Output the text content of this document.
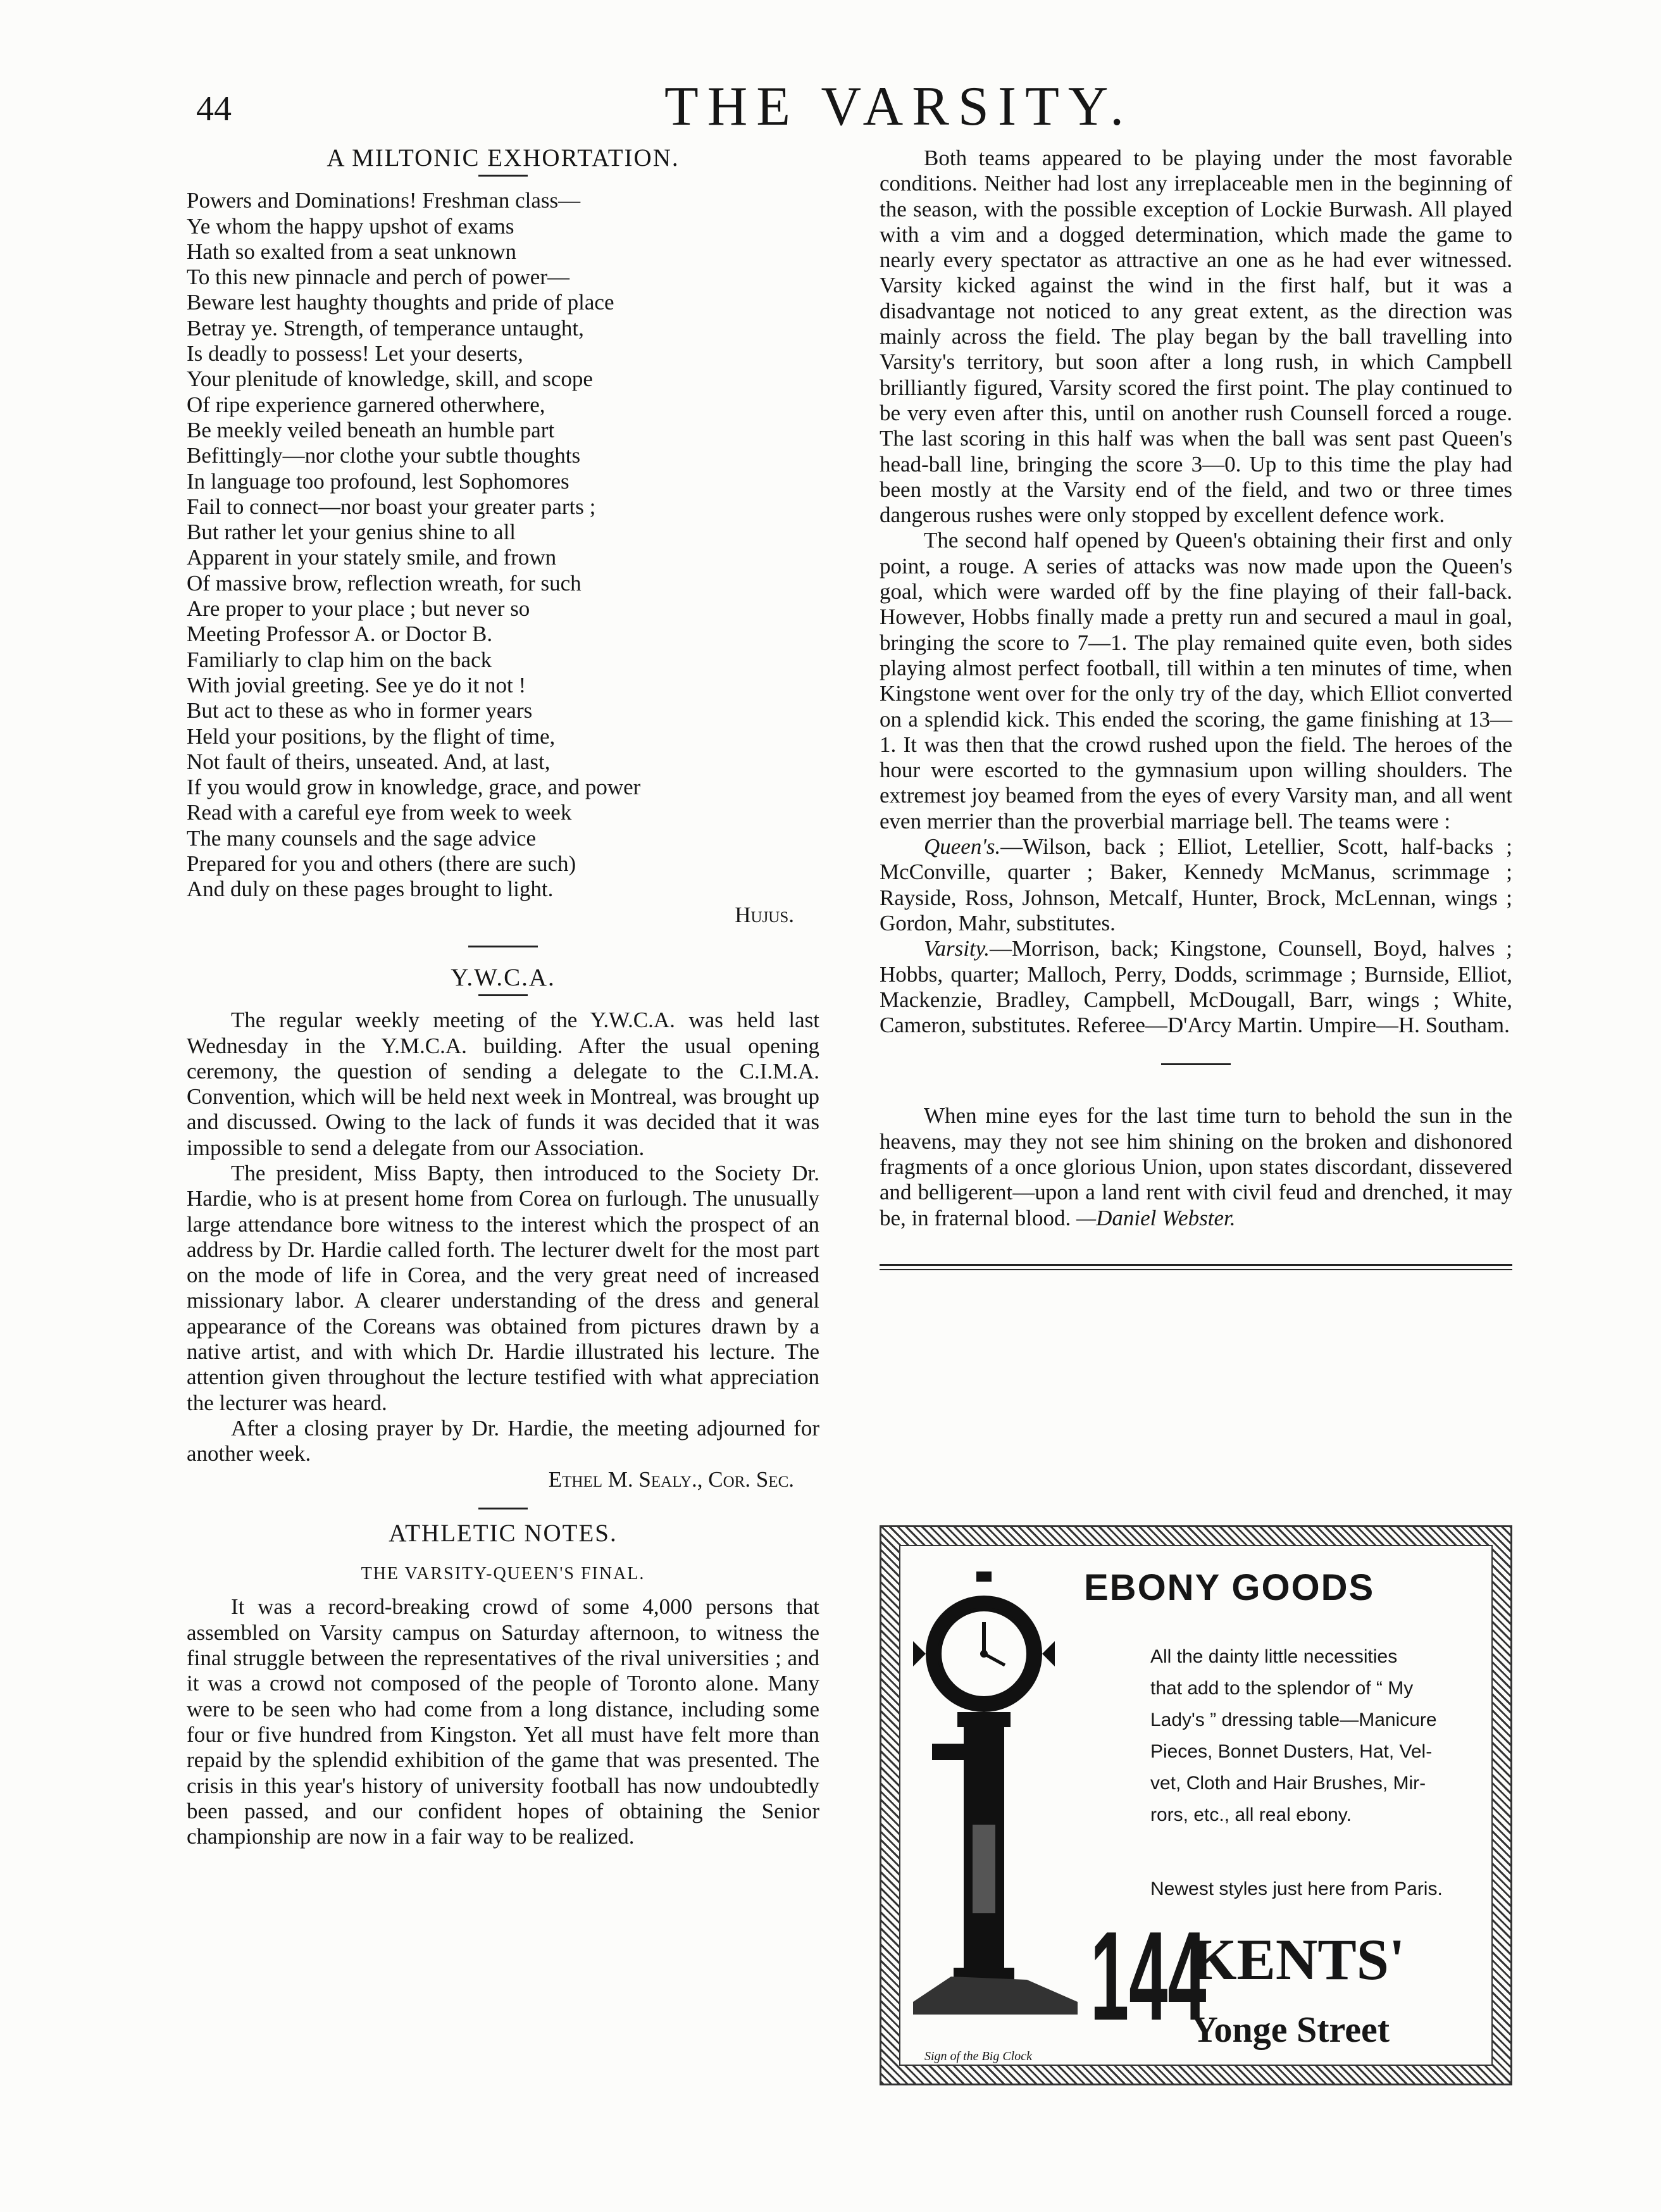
44	THE VARSITY.
A MILTONIC EXHORTATION.
Powers and Dominations! Freshman class—
Ye whom the happy upshot of exams
Hath so exalted from a seat unknown
To this new pinnacle and perch of power—
Beware lest haughty thoughts and pride of place
Betray ye. Strength, of temperance untaught,
Is deadly to possess! Let your deserts,
Your plenitude of knowledge, skill, and scope
Of ripe experience garnered otherwhere,
Be meekly veiled beneath an humble part
Befittingly—nor clothe your subtle thoughts
In language too profound, lest Sophomores
Fail to connect—nor boast your greater parts ;
But rather let your genius shine to all
Apparent in your stately smile, and frown
Of massive brow, reflection wreath, for such
Are proper to your place ; but never so
Meeting Professor A. or Doctor B.
Familiarly to clap him on the back
With jovial greeting. See ye do it not !
But act to these as who in former years
Held your positions, by the flight of time,
Not fault of theirs, unseated. And, at last,
If you would grow in knowledge, grace, and power
Read with a careful eye from week to week
The many counsels and the sage advice
Prepared for you and others (there are such)
And duly on these pages brought to light.
Hujus.
Y.W.C.A.

The regular weekly meeting of the Y.W.C.A. was held last Wednesday in the Y.M.C.A. building. After the usual opening ceremony, the question of sending a delegate to the C.I.M.A. Convention, which will be held next week in Montreal, was brought up and discussed. Owing to the lack of funds it was decided that it was impossible to send a delegate from our Association.

The president, Miss Bapty, then introduced to the Society Dr. Hardie, who is at present home from Corea on furlough. The unusually large attendance bore witness to the interest which the prospect of an address by Dr. Hardie called forth. The lecturer dwelt for the most part on the mode of life in Corea, and the very great need of increased missionary labor. A clearer understanding of the dress and general appearance of the Coreans was obtained from pictures drawn by a native artist, and with which Dr. Hardie illustrated his lecture. The attention given throughout the lecture testified with what appreciation the lecturer was heard.

After a closing prayer by Dr. Hardie, the meeting adjourned for another week.

Ethel M. Sealy., Cor. Sec.
ATHLETIC NOTES.
THE VARSITY-QUEEN'S FINAL.

It was a record-breaking crowd of some 4,000 persons that assembled on Varsity campus on Saturday afternoon, to witness the final struggle between the representatives of the rival universities ; and it was a crowd not composed of the people of Toronto alone. Many were to be seen who had come from a long distance, including some four or five hundred from Kingston. Yet all must have felt more than repaid by the splendid exhibition of the game that was presented. The crisis in this year's history of university football has now undoubtedly been passed, and our confident hopes of obtaining the Senior championship are now in a fair way to be realized.

Both teams appeared to be playing under the most favorable conditions. Neither had lost any irreplaceable men in the beginning of the season, with the possible exception of Lockie Burwash. All played with a vim and a dogged determination, which made the game to nearly every spectator as attractive an one as he had ever witnessed. Varsity kicked against the wind in the first half, but it was a disadvantage not noticed to any great extent, as the direction was mainly across the field. The play began by the ball travelling into Varsity's territory, but soon after a long rush, in which Campbell brilliantly figured, Varsity scored the first point. The play continued to be very even after this, until on another rush Counsell forced a rouge. The last scoring in this half was when the ball was sent past Queen's head-ball line, bringing the score 3—0. Up to this time the play had been mostly at the Varsity end of the field, and two or three times dangerous rushes were only stopped by excellent defence work.

The second half opened by Queen's obtaining their first and only point, a rouge. A series of attacks was now made upon the Queen's goal, which were warded off by the fine playing of their fall-back. However, Hobbs finally made a pretty run and secured a maul in goal, bringing the score to 7—1. The play remained quite even, both sides playing almost perfect football, till within a ten minutes of time, when Kingstone went over for the only try of the day, which Elliot converted on a splendid kick. This ended the scoring, the game finishing at 13—1. It was then that the crowd rushed upon the field. The heroes of the hour were escorted to the gymnasium upon willing shoulders. The extremest joy beamed from the eyes of every Varsity man, and all went even merrier than the proverbial marriage bell. The teams were :

Queen's.—Wilson, back ; Elliot, Letellier, Scott, half-backs ; McConville, quarter ; Baker, Kennedy McManus, scrimmage ; Rayside, Ross, Johnson, Metcalf, Hunter, Brock, McLennan, wings ; Gordon, Mahr, substitutes.

Varsity.—Morrison, back; Kingstone, Counsell, Boyd, halves ; Hobbs, quarter; Malloch, Perry, Dodds, scrimmage ; Burnside, Elliot, Mackenzie, Bradley, Campbell, McDougall, Barr, wings ; White, Cameron, substitutes. Referee—D'Arcy Martin. Umpire—H. Southam.

When mine eyes for the last time turn to behold the sun in the heavens, may they not see him shining on the broken and dishonored fragments of a once glorious Union, upon states discordant, dissevered and belligerent—upon a land rent with civil feud and drenched, it may be, in fraternal blood. —Daniel Webster.

EBONY GOODS
All the dainty little necessities
that add to the splendor of “ My
Lady's ” dressing table—Manicure
Pieces, Bonnet Dusters, Hat, Vel-
vet, Cloth and Hair Brushes, Mir-
rors, etc., all real ebony.
Newest styles just here from Paris.
144
KENTS'
Yonge Street
Sign of the Big Clock
